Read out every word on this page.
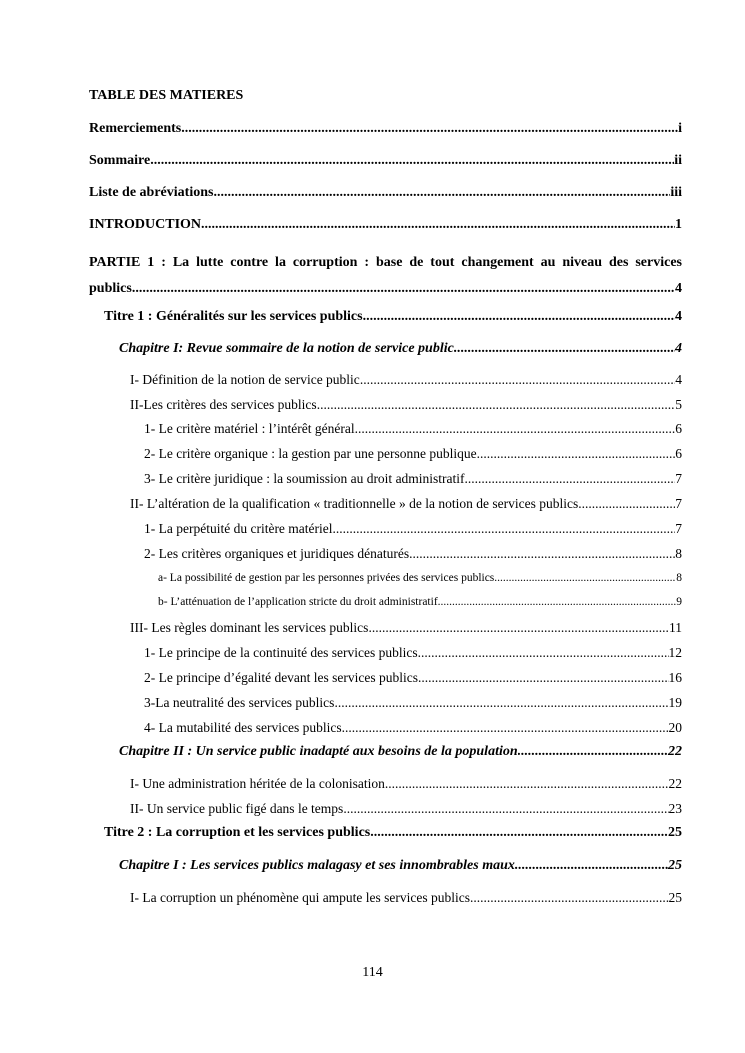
TABLE DES MATIERES
Remerciements .....	i
Sommaire .....	ii
Liste de abréviations .....	iii
INTRODUCTION .....	1
PARTIE 1 : La lutte contre la corruption : base de tout changement au niveau des services
publics .....	4
Titre 1 : Généralités sur les services publics .....	4
Chapitre I: Revue sommaire de la notion de service public .....	4
I- Définition de la notion de service public .....	4
II-Les critères des services publics .....	5
1- Le critère matériel : l’intérêt général .....	6
2- Le critère organique : la gestion par une personne publique .....	6
3- Le critère juridique : la soumission au droit administratif .....	7
II- L’altération de la qualification « traditionnelle » de la notion de services publics .....	7
1- La perpétuité du critère matériel .....	7
2- Les critères organiques et juridiques dénaturés .....	8
a- La possibilité de gestion par les personnes privées des services publics .....	8
b- L’atténuation de l’application stricte du droit administratif .....	9
III- Les règles dominant les services publics .....	11
1- Le principe de la continuité des services publics .....	12
2- Le principe d’égalité devant les services publics .....	16
3-La neutralité des services publics .....	19
4- La mutabilité des services publics .....	20
Chapitre II : Un service public inadapté aux besoins de la population .....	22
I- Une administration héritée de la colonisation .....	22
II- Un service public figé dans le temps .....	23
Titre 2 : La corruption et les services publics .....	25
Chapitre I : Les services publics malagasy et ses innombrables maux .....	25
I- La corruption un phénomène qui ampute les services publics .....	25
114
